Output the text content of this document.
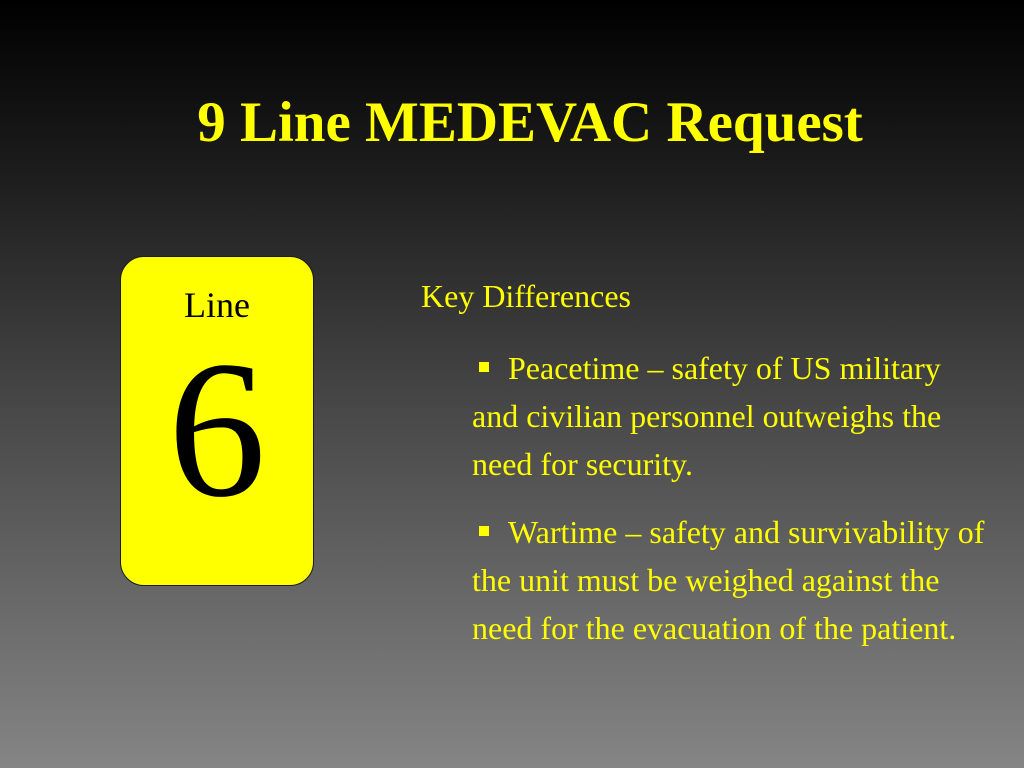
9 Line MEDEVAC Request
Line
6

Key Differences

Peacetime – safety of US military and civilian personnel outweighs the need for security.
Wartime – safety and survivability of the unit must be weighed against the need for the evacuation of the patient.
